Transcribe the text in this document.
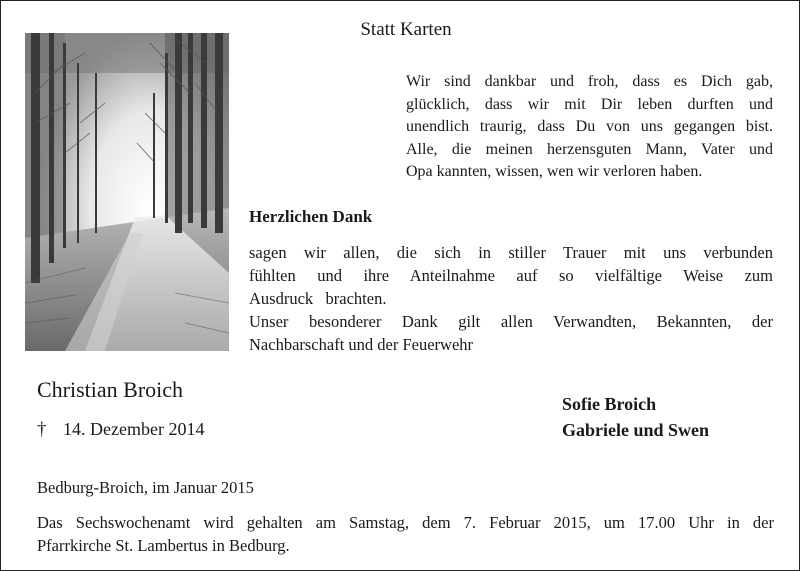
Statt Karten
Wir sind dankbar und froh, dass es Dich gab,
glücklich, dass wir mit Dir leben durften und
unendlich traurig, dass Du von uns gegangen bist.
Alle, die meinen herzensguten Mann, Vater und
Opa kannten, wissen, wen wir verloren haben.
Herzlichen Dank
sagen wir allen, die sich in stiller Trauer mit uns verbunden
fühlten und ihre Anteilnahme auf so vielfältige Weise zum
Ausdruck   brachten.
Unser besonderer Dank gilt allen Verwandten, Bekannten, der
Nachbarschaft und der Feuerwehr
Christian Broich
† 14. Dezember 2014
Sofie Broich
Gabriele und Swen
Bedburg-Broich, im Januar 2015
Das Sechswochenamt wird gehalten am Samstag, dem 7. Februar 2015, um 17.00 Uhr in der
Pfarrkirche St. Lambertus in Bedburg.
